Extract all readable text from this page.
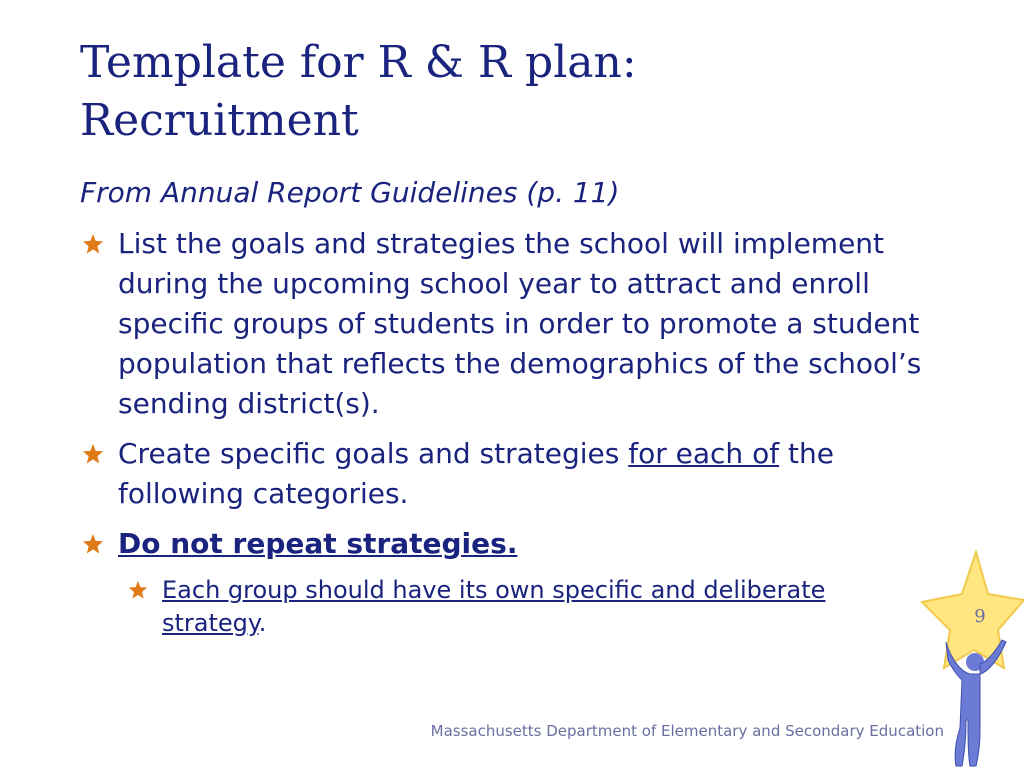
Template for R & R plan:
Recruitment
From Annual Report Guidelines (p. 11)
List the goals and strategies the school will implement during the upcoming school year to attract and enroll specific groups of students in order to promote a student population that reflects the demographics of the school’s sending district(s).
Create specific goals and strategies for each of the following categories.
Do not repeat strategies.
Each group should have its own specific and deliberate strategy.	9
Massachusetts Department of Elementary and Secondary Education
